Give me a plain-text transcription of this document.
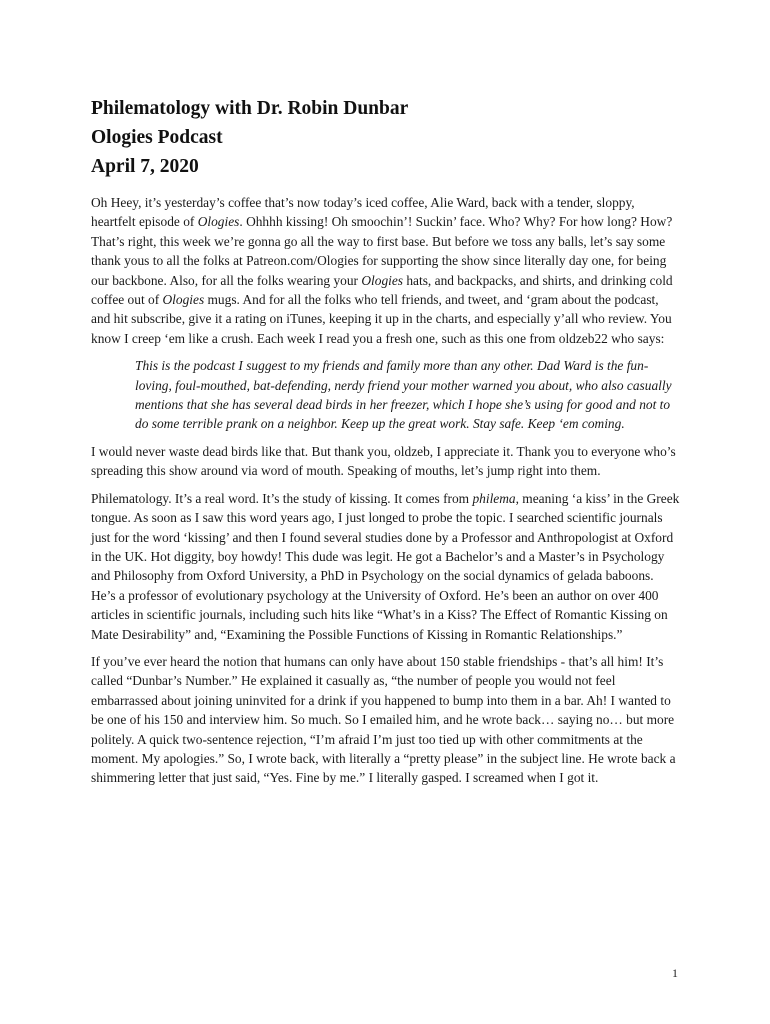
Philematology with Dr. Robin Dunbar
Ologies Podcast
April 7, 2020

Oh Heey, it’s yesterday’s coffee that’s now today’s iced coffee, Alie Ward, back with a tender, sloppy, heartfelt episode of Ologies. Ohhhh kissing! Oh smoochin’! Suckin’ face. Who? Why? For how long? How? That’s right, this week we’re gonna go all the way to first base. But before we toss any balls, let’s say some thank yous to all the folks at Patreon.com/Ologies for supporting the show since literally day one, for being our backbone. Also, for all the folks wearing your Ologies hats, and backpacks, and shirts, and drinking cold coffee out of Ologies mugs. And for all the folks who tell friends, and tweet, and ‘gram about the podcast, and hit subscribe, give it a rating on iTunes, keeping it up in the charts, and especially y’all who review. You know I creep ‘em like a crush. Each week I read you a fresh one, such as this one from oldzeb22 who says:

This is the podcast I suggest to my friends and family more than any other. Dad Ward is the fun-loving, foul-mouthed, bat-defending, nerdy friend your mother warned you about, who also casually mentions that she has several dead birds in her freezer, which I hope she’s using for good and not to do some terrible prank on a neighbor. Keep up the great work. Stay safe. Keep ‘em coming.

I would never waste dead birds like that. But thank you, oldzeb, I appreciate it. Thank you to everyone who’s spreading this show around via word of mouth. Speaking of mouths, let’s jump right into them.

Philematology. It’s a real word. It’s the study of kissing. It comes from philema, meaning ‘a kiss’ in the Greek tongue. As soon as I saw this word years ago, I just longed to probe the topic. I searched scientific journals just for the word ‘kissing’ and then I found several studies done by a Professor and Anthropologist at Oxford in the UK. Hot diggity, boy howdy! This dude was legit. He got a Bachelor’s and a Master’s in Psychology and Philosophy from Oxford University, a PhD in Psychology on the social dynamics of gelada baboons. He’s a professor of evolutionary psychology at the University of Oxford. He’s been an author on over 400 articles in scientific journals, including such hits like “What’s in a Kiss? The Effect of Romantic Kissing on Mate Desirability” and, “Examining the Possible Functions of Kissing in Romantic Relationships.”

If you’ve ever heard the notion that humans can only have about 150 stable friendships - that’s all him! It’s called “Dunbar’s Number.” He explained it casually as, “the number of people you would not feel embarrassed about joining uninvited for a drink if you happened to bump into them in a bar. Ah! I wanted to be one of his 150 and interview him. So much. So I emailed him, and he wrote back… saying no… but more politely. A quick two-sentence rejection, “I’m afraid I’m just too tied up with other commitments at the moment. My apologies.” So, I wrote back, with literally a “pretty please” in the subject line. He wrote back a shimmering letter that just said, “Yes. Fine by me.” I literally gasped. I screamed when I got it.

1
